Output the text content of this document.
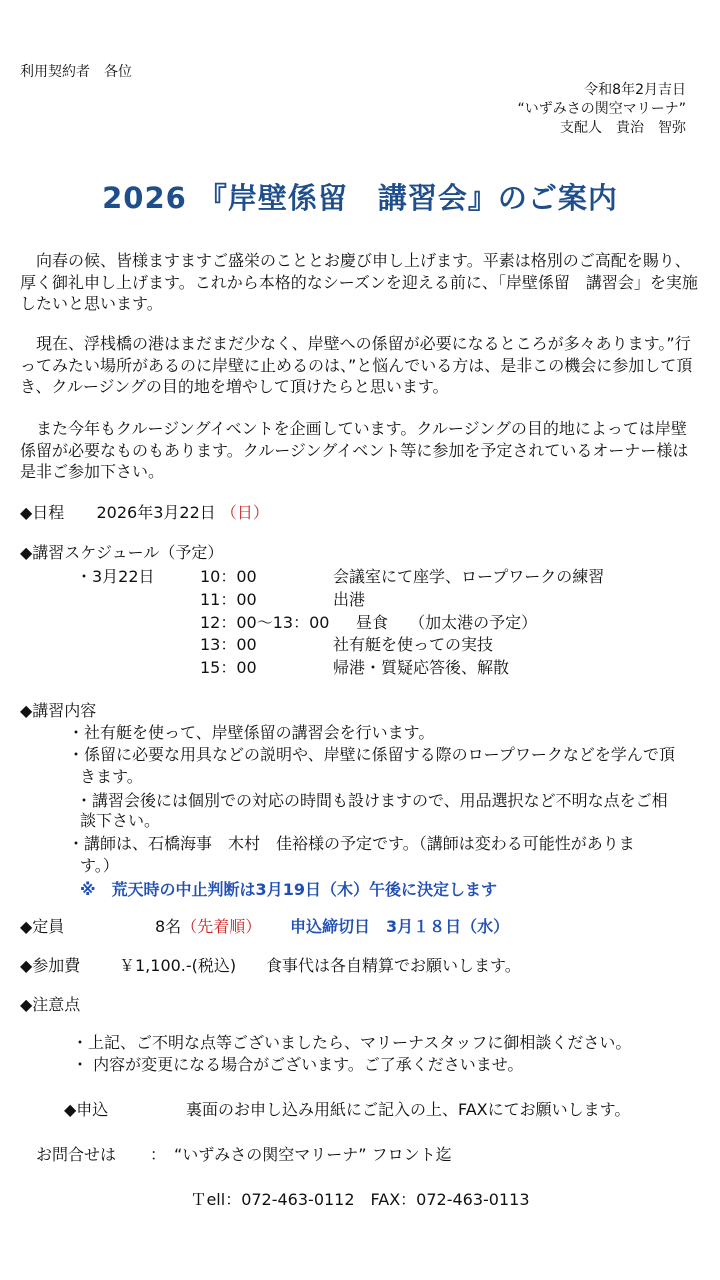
利用契約者　各位
令和8年2月吉日
“いずみさの関空マリーナ”
支配人　貴治　智弥
2026 『岸壁係留　講習会』のご案内
　向春の候、皆様ますますご盛栄のこととお慶び申し上げます。平素は格別のご高配を賜り、厚く御礼申し上げます。これから本格的なシーズンを迎える前に、「岸壁係留　講習会」を実施したいと思います。
　現在、浮桟橋の港はまだまだ少なく、岸壁への係留が必要になるところが多々あります。”行ってみたい場所があるのに岸壁に止めるのは、”と悩んでいる方は、是非この機会に参加して頂き、クルージングの目的地を増やして頂けたらと思います。
　また今年もクルージングイベントを企画しています。クルージングの目的地によっては岸壁係留が必要なものもあります。クルージングイベント等に参加を予定されているオーナー様は是非ご参加下さい。
◆日程 2026年3月22日 （日）
◆講習スケジュール（予定）
・3月22日	10：00	会議室にて座学、ロープワークの練習
11：00	出港
12：00～13：00 昼食　 （加太港の予定）
13：00	社有艇を使っての実技
15：00	帰港・質疑応答後、解散
◆講習内容
・社有艇を使って、岸壁係留の講習会を行います。
・係留に必要な用具などの説明や、岸壁に係留する際のロープワークなどを学んで頂
きます。
・講習会後には個別での対応の時間も設けますので、用品選択など不明な点をご相
談下さい。
・講師は、石橋海事　木村　佳裕様の予定です。（講師は変わる可能性がありま
す。）
※　荒天時の中止判断は3月19日（木）午後に決定します
◆定員	8名（先着順） 申込締切日　3月１８日（水）
◆参加費 ￥1,100.-(税込) 食事代は各自精算でお願いします。
◆注意点
・上記、ご不明な点等ございましたら、マリーナスタッフに御相談ください。
・ 内容が変更になる場合がございます。ご了承くださいませ。
◆申込	裏面のお申し込み用紙にご記入の上、FAXにてお願いします。
お問合せは ： “いずみさの関空マリーナ” フロント迄
Ｔell：072-463-0112　FAX：072-463-0113
